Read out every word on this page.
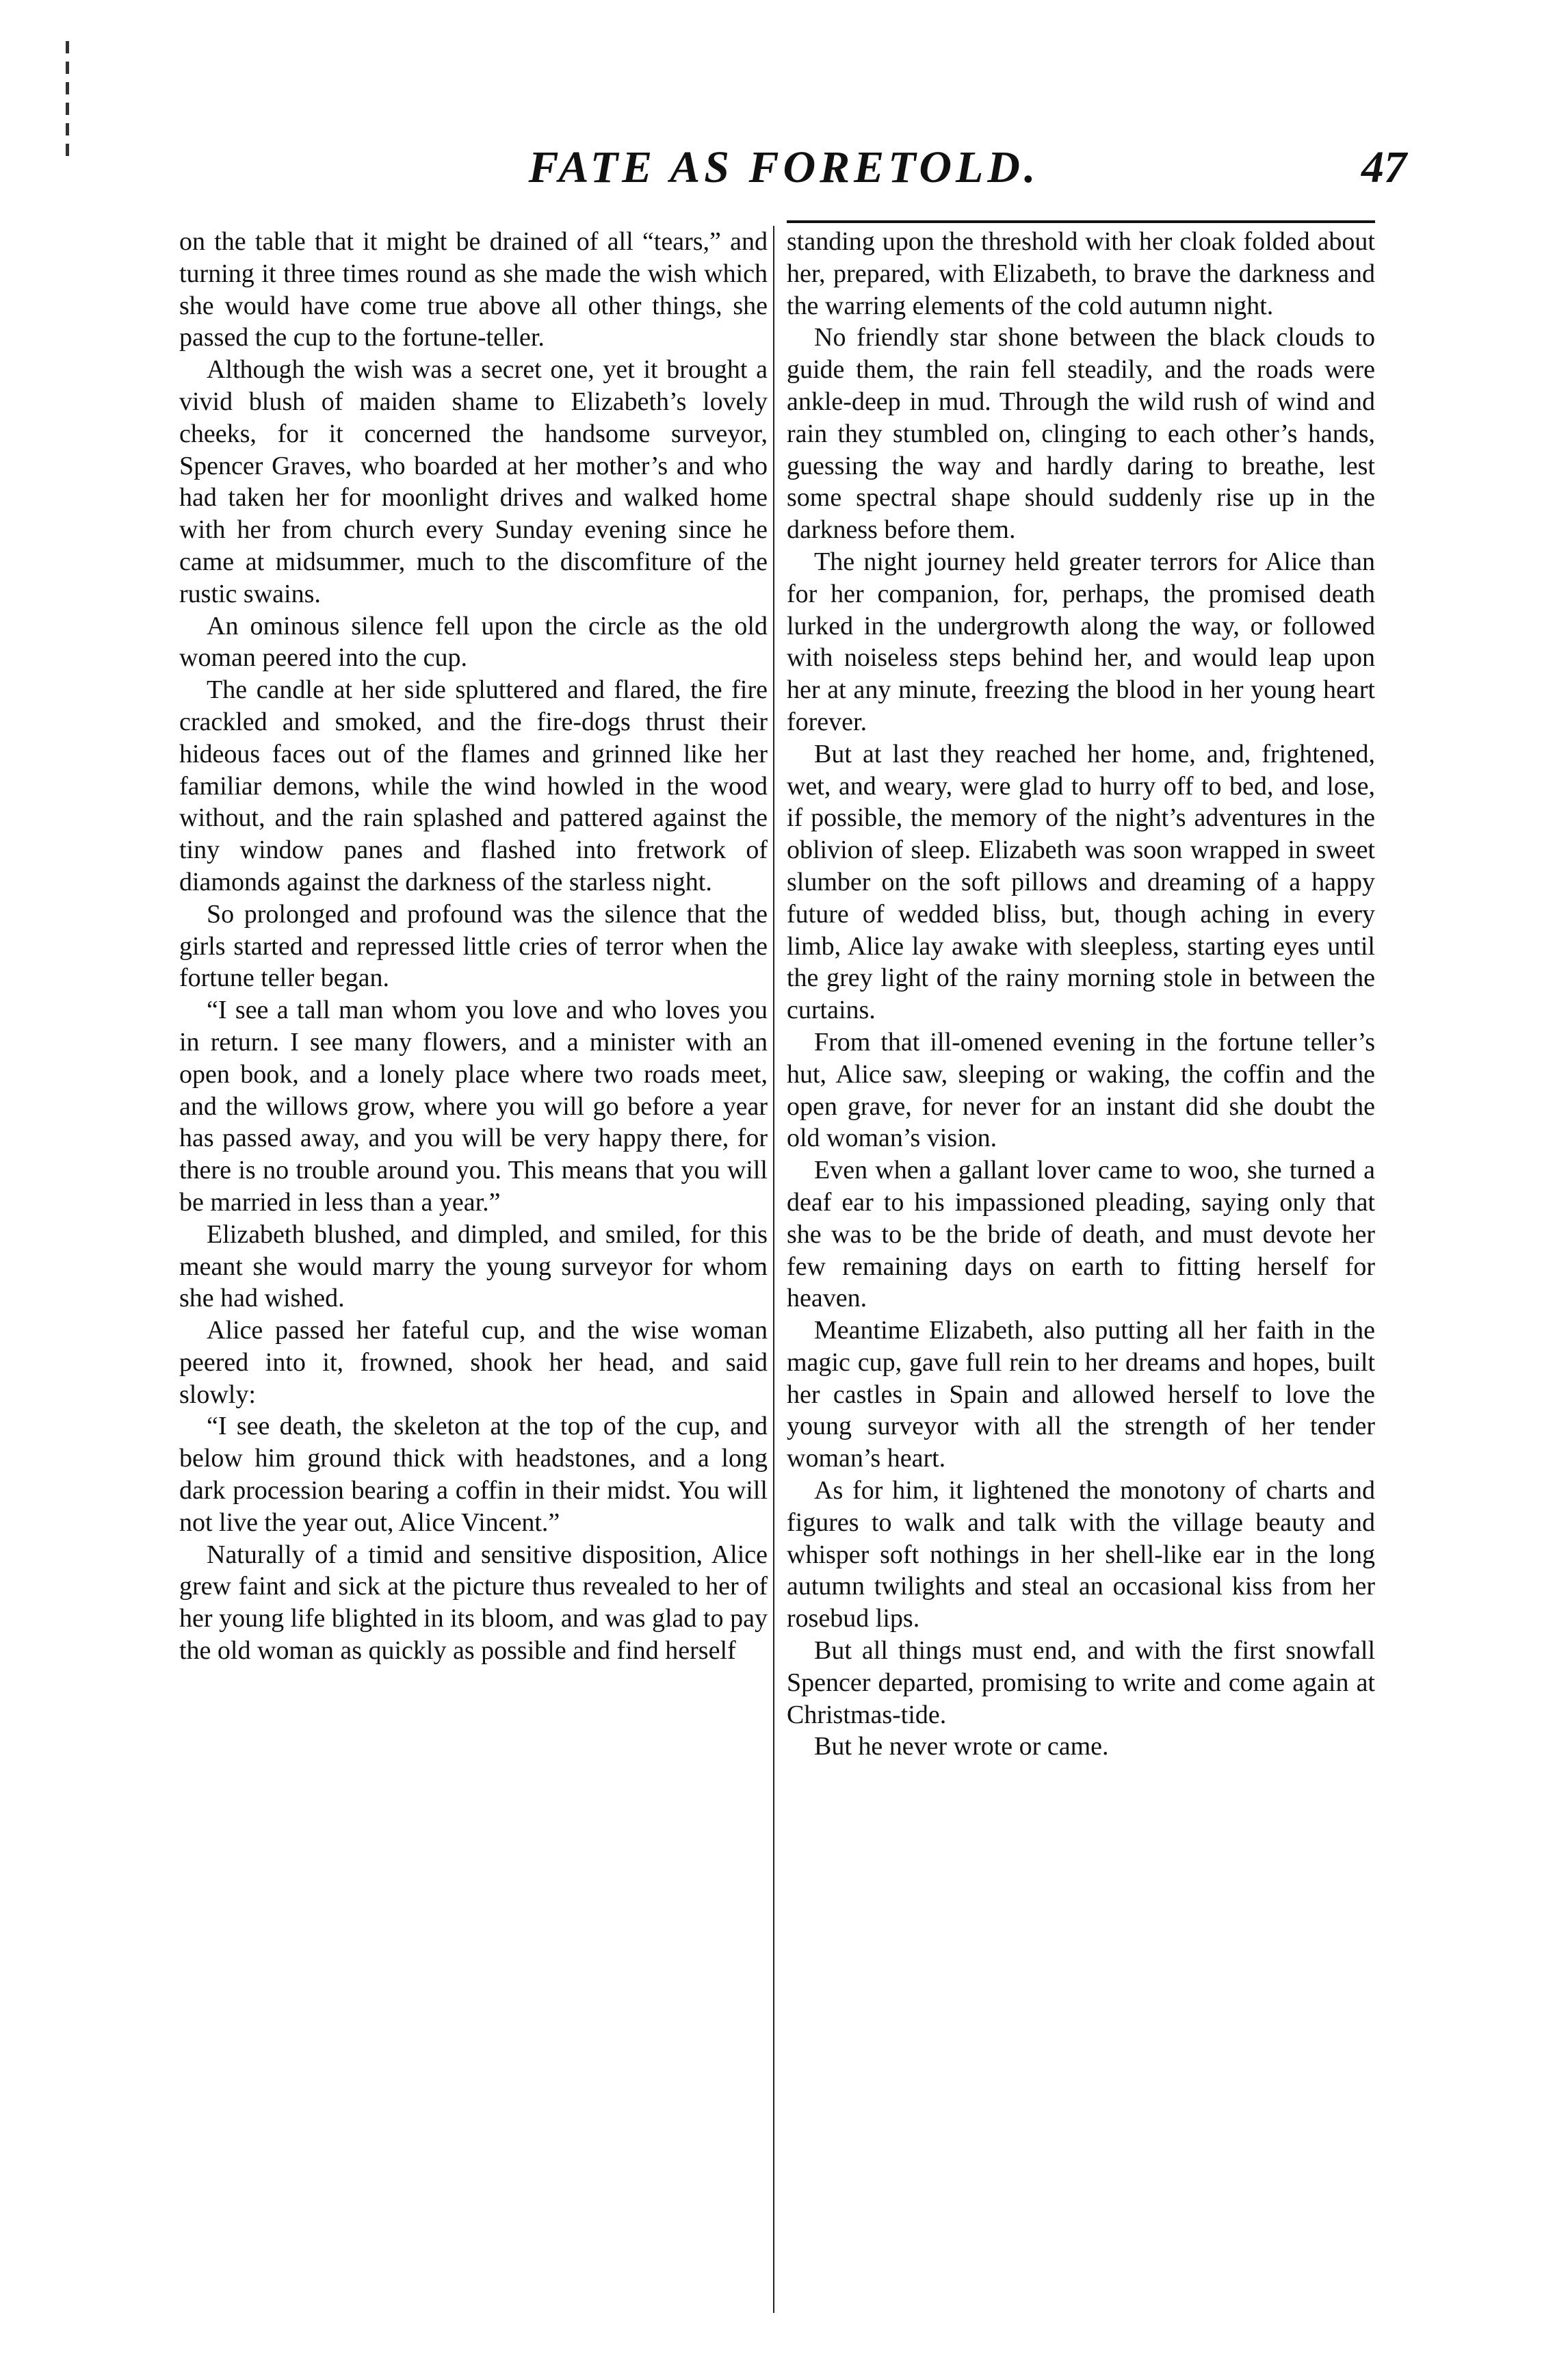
FATE AS FORETOLD.	47

on the table that it might be drained of all “tears,” and turning it three times round as she made the wish which she would have come true above all other things, she passed the cup to the fortune-teller.

Although the wish was a secret one, yet it brought a vivid blush of maiden shame to Elizabeth’s lovely cheeks, for it concerned the handsome surveyor, Spencer Graves, who boarded at her mother’s and who had taken her for moonlight drives and walked home with her from church every Sunday evening since he came at midsummer, much to the discomfiture of the rustic swains.

An ominous silence fell upon the circle as the old woman peered into the cup.

The candle at her side spluttered and flared, the fire crackled and smoked, and the fire-dogs thrust their hideous faces out of the flames and grinned like her familiar demons, while the wind howled in the wood without, and the rain splashed and pattered against the tiny window panes and flashed into fretwork of diamonds against the darkness of the starless night.

So prolonged and profound was the silence that the girls started and repressed little cries of terror when the fortune teller began.

“I see a tall man whom you love and who loves you in return. I see many flowers, and a minister with an open book, and a lonely place where two roads meet, and the willows grow, where you will go before a year has passed away, and you will be very happy there, for there is no trouble around you. This means that you will be married in less than a year.”

Elizabeth blushed, and dimpled, and smiled, for this meant she would marry the young surveyor for whom she had wished.

Alice passed her fateful cup, and the wise woman peered into it, frowned, shook her head, and said slowly:

“I see death, the skeleton at the top of the cup, and below him ground thick with headstones, and a long dark procession bearing a coffin in their midst. You will not live the year out, Alice Vincent.”

Naturally of a timid and sensitive disposition, Alice grew faint and sick at the picture thus revealed to her of her young life blighted in its bloom, and was glad to pay the old woman as quickly as possible and find herself

standing upon the threshold with her cloak folded about her, prepared, with Elizabeth, to brave the darkness and the warring elements of the cold autumn night.

No friendly star shone between the black clouds to guide them, the rain fell steadily, and the roads were ankle-deep in mud. Through the wild rush of wind and rain they stumbled on, clinging to each other’s hands, guessing the way and hardly daring to breathe, lest some spectral shape should suddenly rise up in the darkness before them.

The night journey held greater terrors for Alice than for her companion, for, perhaps, the promised death lurked in the undergrowth along the way, or followed with noiseless steps behind her, and would leap upon her at any minute, freezing the blood in her young heart forever.

But at last they reached her home, and, frightened, wet, and weary, were glad to hurry off to bed, and lose, if possible, the memory of the night’s adventures in the oblivion of sleep. Elizabeth was soon wrapped in sweet slumber on the soft pillows and dreaming of a happy future of wedded bliss, but, though aching in every limb, Alice lay awake with sleepless, starting eyes until the grey light of the rainy morning stole in between the curtains.

From that ill-omened evening in the fortune teller’s hut, Alice saw, sleeping or waking, the coffin and the open grave, for never for an instant did she doubt the old woman’s vision.

Even when a gallant lover came to woo, she turned a deaf ear to his impassioned pleading, saying only that she was to be the bride of death, and must devote her few remaining days on earth to fitting herself for heaven.

Meantime Elizabeth, also putting all her faith in the magic cup, gave full rein to her dreams and hopes, built her castles in Spain and allowed herself to love the young surveyor with all the strength of her tender woman’s heart.

As for him, it lightened the monotony of charts and figures to walk and talk with the village beauty and whisper soft nothings in her shell-like ear in the long autumn twilights and steal an occasional kiss from her rosebud lips.

But all things must end, and with the first snowfall Spencer departed, promising to write and come again at Christmas-tide.

But he never wrote or came.
